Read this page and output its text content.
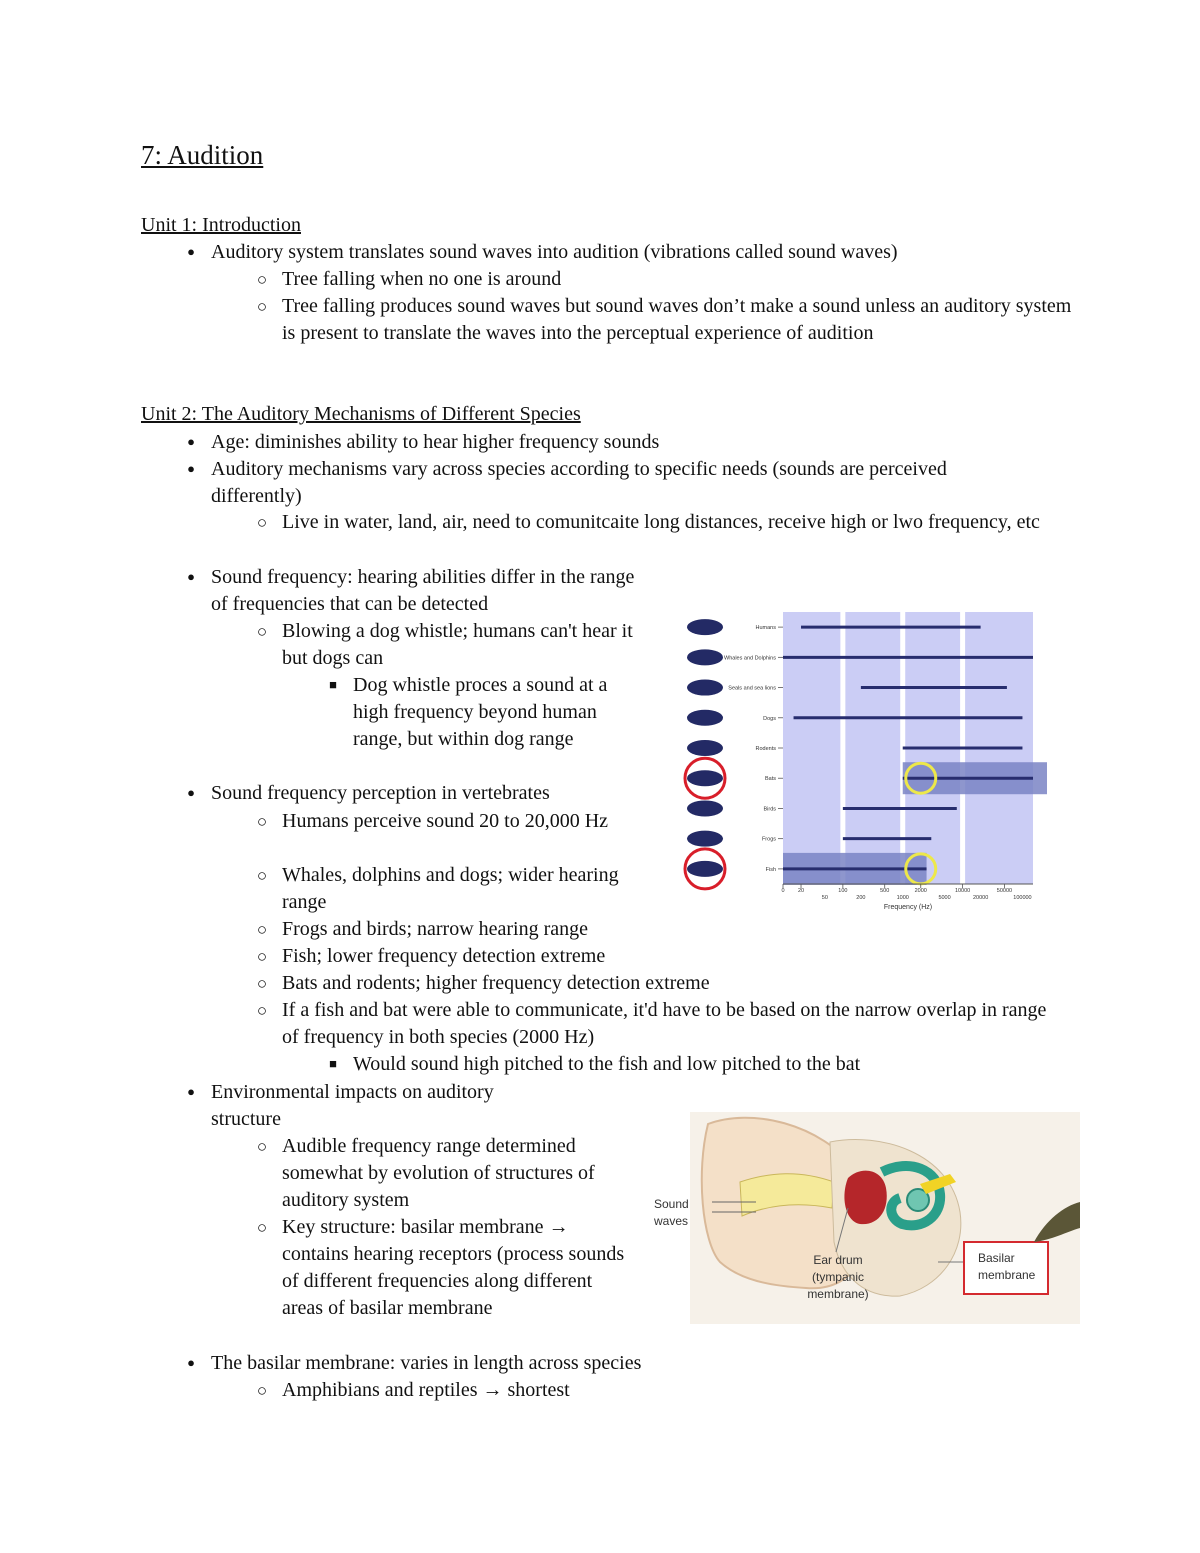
7: Audition
Unit 1: Introduction
●
Auditory system translates sound waves into audition (vibrations called sound waves)
○
Tree falling when no one is around
○
Tree falling produces sound waves but sound waves don’t make a sound unless an auditory system is present to translate the waves into the perceptual experience of audition
Unit 2: The Auditory Mechanisms of Different Species
●
Age: diminishes ability to hear higher frequency sounds
●
Auditory mechanisms vary across species according to specific needs (sounds are perceived differently)
○
Live in water, land, air, need to comunitcaite long distances, receive high or lwo frequency, etc
●
Sound frequency: hearing abilities differ in the range of frequencies that can be detected
○
Blowing a dog whistle; humans can't hear it but dogs can
■
Dog whistle proces a sound at a high frequency beyond human range, but within dog range
●
Sound frequency perception in vertebrates
○
Humans perceive sound 20 to 20,000 Hz
○
Whales, dolphins and dogs; wider hearing range
○
Frogs and birds; narrow hearing range
○
Fish; lower frequency detection extreme
○
Bats and rodents; higher frequency detection extreme
○
If a fish and bat were able to communicate, it'd have to be based on the narrow overlap in range of frequency in both species (2000 Hz)
■
Would sound high pitched to the fish and low pitched to the bat
●
Environmental impacts on auditory structure
○
Audible frequency range determined somewhat by evolution of structures of auditory system
○
Key structure: basilar membrane → contains hearing receptors (process sounds of different frequencies along different areas of basilar membrane
●
The basilar membrane: varies in length across species
○
Amphibians and reptiles → shortest
Humans
Whales and Dolphins
Seals and sea lions
Dogs
Rodents
Bats
Birds
Frogs
Fish
0 20	100	500	2000	10000	50000
50	200	1000	5000	20000	100000
Frequency (Hz)
Sound
waves
Ear drum
(tympanic
membrane)
Basilar
membrane
